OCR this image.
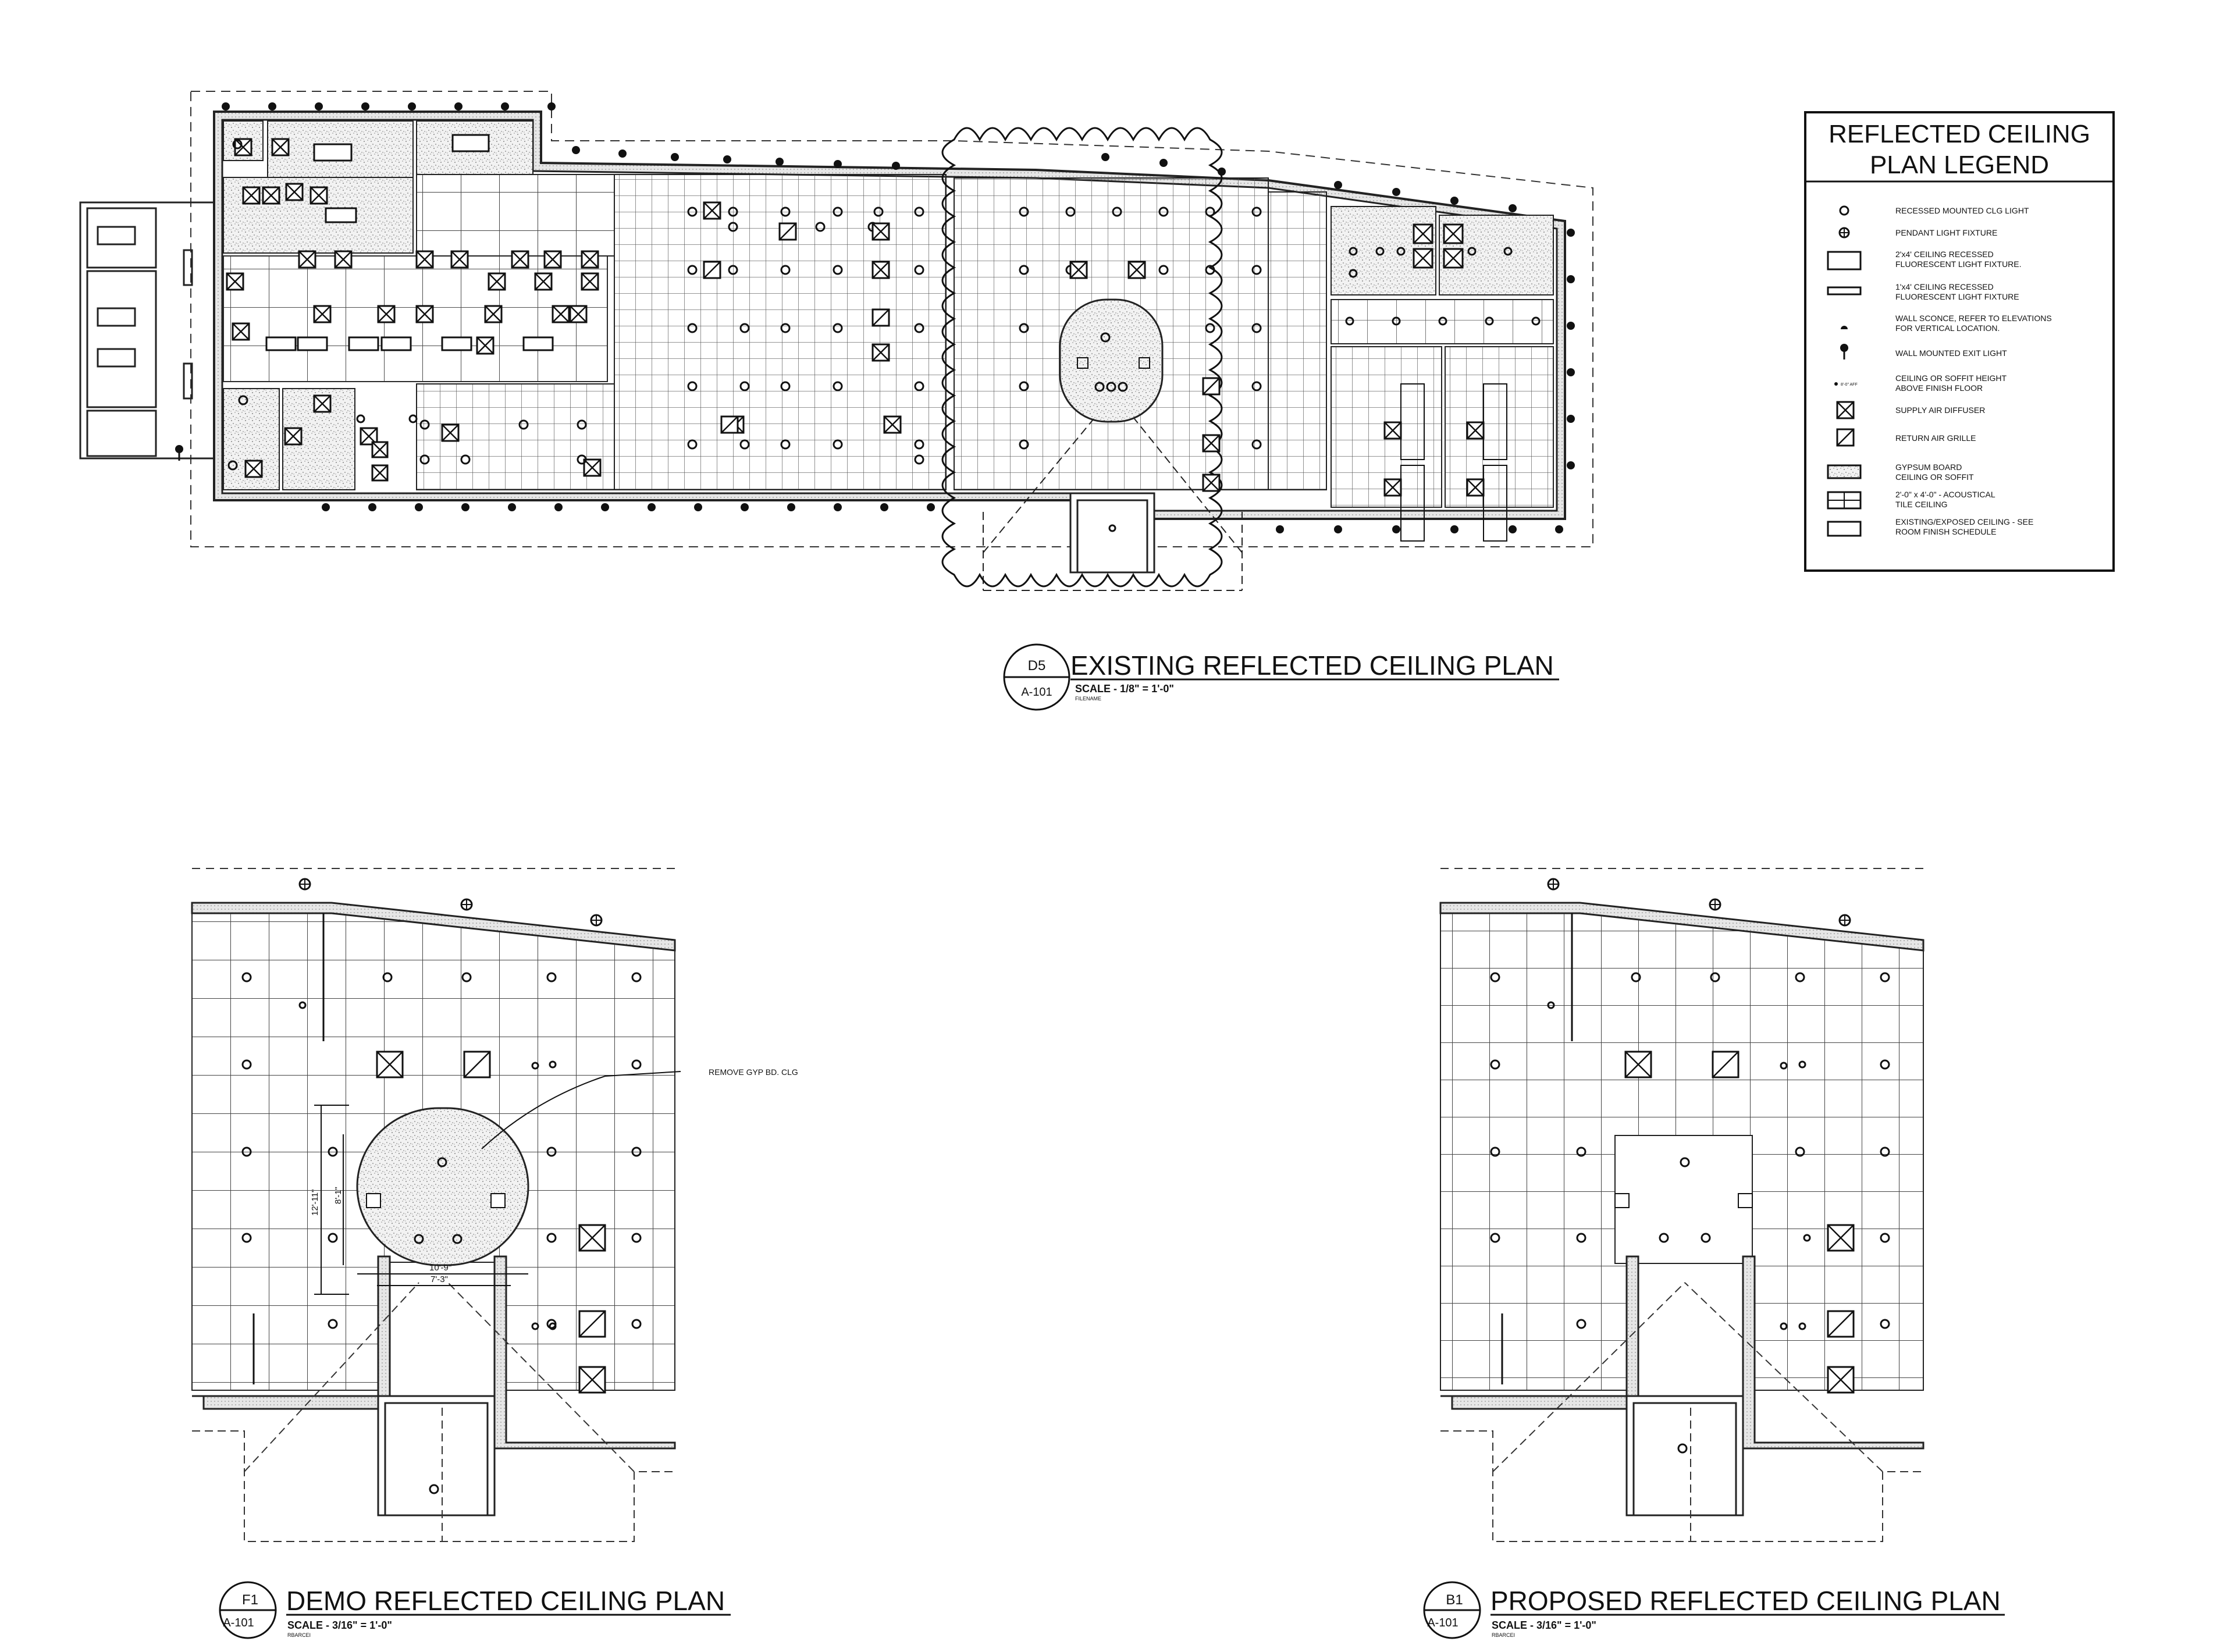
REFLECTED CEILING
PLAN LEGEND
8'-0" AFF
RECESSED MOUNTED CLG LIGHT
PENDANT LIGHT FIXTURE
2'x4' CEILING RECESSED
FLUORESCENT LIGHT FIXTURE.
1'x4' CEILING RECESSED
FLUORESCENT LIGHT FIXTURE
WALL SCONCE, REFER TO ELEVATIONS
FOR VERTICAL LOCATION.
WALL MOUNTED EXIT LIGHT
CEILING OR SOFFIT HEIGHT
ABOVE FINISH FLOOR
SUPPLY AIR DIFFUSER
RETURN AIR GRILLE
GYPSUM BOARD
CEILING OR SOFFIT
2'-0" x 4'-0" - ACOUSTICAL
TILE CEILING
EXISTING/EXPOSED CEILING - SEE
ROOM FINISH SCHEDULE
D5
A-101
EXISTING REFLECTED CEILING PLAN
SCALE - 1/8" = 1'-0"
FILENAME
12'-11" 8'-1"
10'-9"
7'-3"
REMOVE GYP BD. CLG
F1
A-101
DEMO REFLECTED CEILING PLAN
SCALE - 3/16" = 1'-0"
RBARCEI
B1
A-101
PROPOSED REFLECTED CEILING PLAN
SCALE - 3/16" = 1'-0"
RBARCEI
